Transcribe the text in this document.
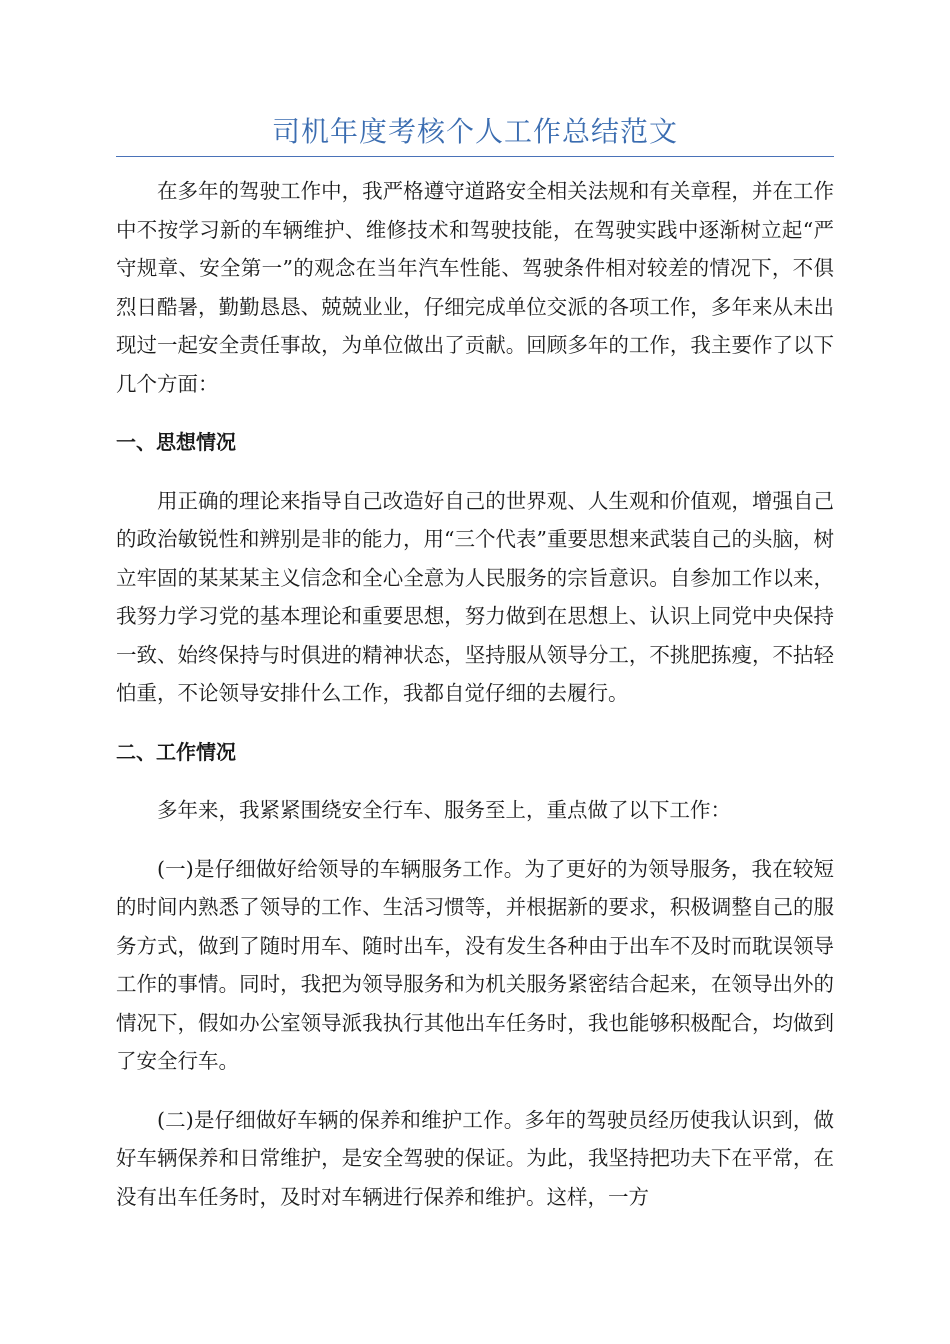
司机年度考核个人工作总结范文

在多年的驾驶工作中，我严格遵守道路安全相关法规和有关章程，并在工作中不按学习新的车辆维护、维修技术和驾驶技能，在驾驶实践中逐渐树立起“严守规章、安全第一”的观念在当年汽车性能、驾驶条件相对较差的情况下，不俱烈日酷暑，勤勤恳恳、兢兢业业，仔细完成单位交派的各项工作，多年来从未出现过一起安全责任事故，为单位做出了贡献。回顾多年的工作，我主要作了以下几个方面：

一、思想情况

用正确的理论来指导自己改造好自己的世界观、人生观和价值观，增强自己的政治敏锐性和辨别是非的能力，用“三个代表”重要思想来武装自己的头脑，树立牢固的某某某主义信念和全心全意为人民服务的宗旨意识。自参加工作以来，我努力学习党的基本理论和重要思想，努力做到在思想上、认识上同党中央保持一致、始终保持与时俱进的精神状态，坚持服从领导分工，不挑肥拣瘦，不拈轻怕重，不论领导安排什么工作，我都自觉仔细的去履行。

二、工作情况

多年来，我紧紧围绕安全行车、服务至上，重点做了以下工作：

(一)是仔细做好给领导的车辆服务工作。为了更好的为领导服务，我在较短的时间内熟悉了领导的工作、生活习惯等，并根据新的要求，积极调整自己的服务方式，做到了随时用车、随时出车，没有发生各种由于出车不及时而耽误领导工作的事情。同时，我把为领导服务和为机关服务紧密结合起来，在领导出外的情况下，假如办公室领导派我执行其他出车任务时，我也能够积极配合，均做到了安全行车。

(二)是仔细做好车辆的保养和维护工作。多年的驾驶员经历使我认识到，做好车辆保养和日常维护，是安全驾驶的保证。为此，我坚持把功夫下在平常，在没有出车任务时，及时对车辆进行保养和维护。这样，一方
